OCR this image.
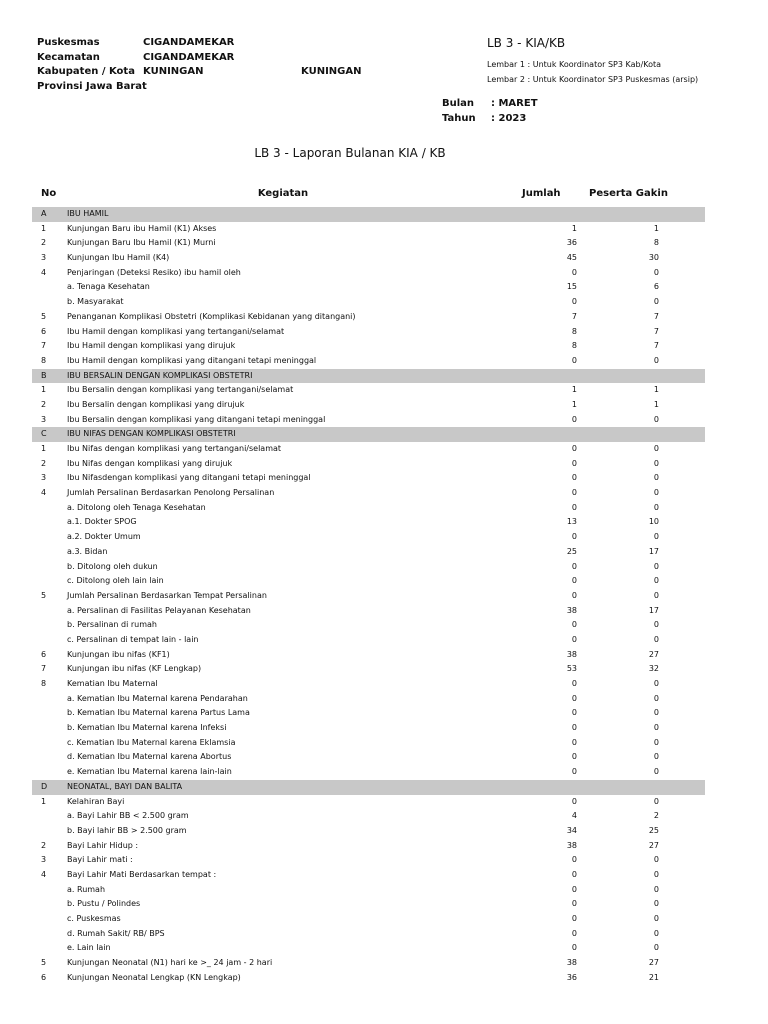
Puskesmas	CIGANDAMEKAR
Kecamatan	CIGANDAMEKAR
Kabupaten / Kota KUNINGAN	KUNINGAN
Provinsi Jawa Barat
LB 3 - KIA/KB
Lembar 1 : Untuk Koordinator SP3 Kab/Kota
Lembar 2 : Untuk Koordinator SP3 Puskesmas (arsip)
Bulan : MARET
Tahun : 2023
LB 3 - Laporan Bulanan KIA / KB
No	Kegiatan	Jumlah	Peserta Gakin
A	IBU HAMIL
1	Kunjungan Baru ibu Hamil (K1) Akses	1	1
2	Kunjungan Baru Ibu Hamil (K1) Murni	36	8
3	Kunjungan Ibu Hamil (K4)	45	30
4	Penjaringan (Deteksi Resiko) ibu hamil oleh	0	0
a. Tenaga Kesehatan	15	6
b. Masyarakat	0	0
5	Penanganan Komplikasi Obstetri (Komplikasi Kebidanan yang ditangani)	7	7
6	Ibu Hamil dengan komplikasi yang tertangani/selamat	8	7
7	Ibu Hamil dengan komplikasi yang dirujuk	8	7
8	Ibu Hamil dengan komplikasi yang ditangani tetapi meninggal	0	0
B	IBU BERSALIN DENGAN KOMPLIKASI OBSTETRI
1	Ibu Bersalin dengan komplikasi yang tertangani/selamat	1	1
2	Ibu Bersalin dengan komplikasi yang dirujuk	1	1
3	Ibu Bersalin dengan komplikasi yang ditangani tetapi meninggal	0	0
C	IBU NIFAS DENGAN KOMPLIKASI OBSTETRI
1	Ibu Nifas dengan komplikasi yang tertangani/selamat	0	0
2	Ibu Nifas dengan komplikasi yang dirujuk	0	0
3	Ibu Nifasdengan komplikasi yang ditangani tetapi meninggal	0	0
4	Jumlah Persalinan Berdasarkan Penolong Persalinan	0	0
a. Ditolong oleh Tenaga Kesehatan	0	0
a.1. Dokter SPOG	13	10
a.2. Dokter Umum	0	0
a.3. Bidan	25	17
b. Ditolong oleh dukun	0	0
c. Ditolong oleh lain lain	0	0
5	Jumlah Persalinan Berdasarkan Tempat Persalinan	0	0
a. Persalinan di Fasilitas Pelayanan Kesehatan	38	17
b. Persalinan di rumah	0	0
c. Persalinan di tempat lain - lain	0	0
6	Kunjungan ibu nifas (KF1)	38	27
7	Kunjungan ibu nifas (KF Lengkap)	53	32
8	Kematian Ibu Maternal	0	0
a. Kematian Ibu Maternal karena Pendarahan	0	0
b. Kematian Ibu Maternal karena Partus Lama	0	0
b. Kematian Ibu Maternal karena Infeksi	0	0
c. Kematian Ibu Maternal karena Eklamsia	0	0
d. Kematian Ibu Maternal karena Abortus	0	0
e. Kematian Ibu Maternal karena lain-lain	0	0
D NEONATAL, BAYI DAN BALITA
1	Kelahiran Bayi	0	0
a. Bayi Lahir BB < 2.500 gram	4	2
b. Bayi lahir BB > 2.500 gram	34	25
2	Bayi Lahir Hidup :	38	27
3	Bayi Lahir mati :	0	0
4	Bayi Lahir Mati Berdasarkan tempat :	0	0
a. Rumah	0	0
b. Pustu / Polindes	0	0
c. Puskesmas	0	0
d. Rumah Sakit/ RB/ BPS	0	0
e. Lain lain	0	0
5	Kunjungan Neonatal (N1) hari ke >_ 24 jam - 2 hari	38	27
6	Kunjungan Neonatal Lengkap (KN Lengkap)	36	21
